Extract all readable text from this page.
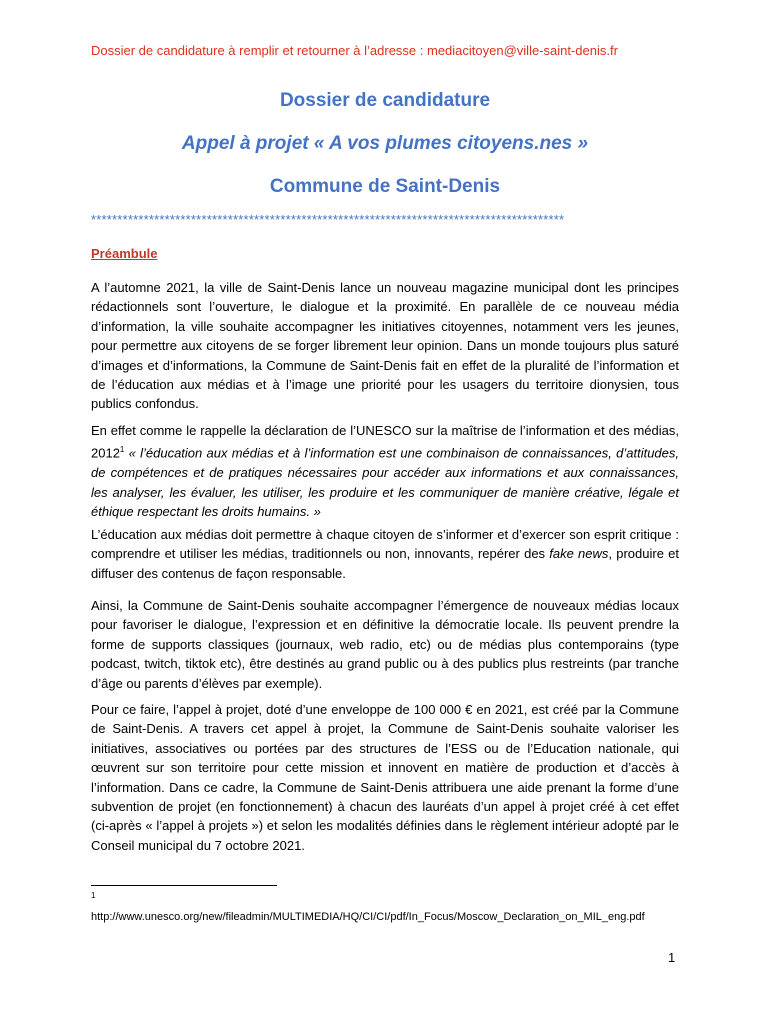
Dossier de candidature à remplir et retourner à l’adresse : mediacitoyen@ville-saint-denis.fr
Dossier de candidature
Appel à projet « A vos plumes citoyens.nes »
Commune de Saint-Denis
******************************************************************************************
Préambule
A l’automne 2021, la ville de Saint-Denis lance un nouveau magazine municipal dont les principes rédactionnels sont l’ouverture, le dialogue et la proximité. En parallèle de ce nouveau média d’information, la ville souhaite accompagner les initiatives citoyennes, notamment vers les jeunes, pour permettre aux citoyens de se forger librement leur opinion. Dans un monde toujours plus saturé d’images et d’informations, la Commune de Saint-Denis fait en effet de la pluralité de l’information et de l’éducation aux médias et à l’image une priorité pour les usagers du territoire dionysien, tous publics confondus.
En effet comme le rappelle la déclaration de l’UNESCO sur la maîtrise de l’information et des médias, 2012$^1$ « l’éducation aux médias et à l’information est une combinaison de connaissances, d’attitudes, de compétences et de pratiques nécessaires pour accéder aux informations et aux connaissances, les analyser, les évaluer, les utiliser, les produire et les communiquer de manière créative, légale et éthique respectant les droits humains. »
L’éducation aux médias doit permettre à chaque citoyen de s’informer et d’exercer son esprit critique : comprendre et utiliser les médias, traditionnels ou non, innovants, repérer des fake news, produire et diffuser des contenus de façon responsable.
Ainsi, la Commune de Saint-Denis souhaite accompagner l’émergence de nouveaux médias locaux pour favoriser le dialogue, l’expression et en définitive la démocratie locale. Ils peuvent prendre la forme de supports classiques (journaux, web radio, etc) ou de médias plus contemporains (type podcast, twitch, tiktok etc), être destinés au grand public ou à des publics plus restreints (par tranche d’âge ou parents d’élèves par exemple).
Pour ce faire, l’appel à projet, doté d’une enveloppe de 100 000 € en 2021, est créé par la Commune de Saint-Denis. A travers cet appel à projet, la Commune de Saint-Denis souhaite valoriser les initiatives, associatives ou portées par des structures de l’ESS ou de l’Education nationale, qui œuvrent sur son territoire pour cette mission et innovent en matière de production et d’accès à l’information. Dans ce cadre, la Commune de Saint-Denis attribuera une aide prenant la forme d’une subvention de projet (en fonctionnement) à chacun des lauréats d’un appel à projet créé à cet effet (ci-après « l’appel à projets ») et selon les modalités définies dans le règlement intérieur adopté par le Conseil municipal du 7 octobre 2021.
1
http://www.unesco.org/new/fileadmin/MULTIMEDIA/HQ/CI/CI/pdf/In_Focus/Moscow_Declaration_on_MIL_eng.pdf
1
